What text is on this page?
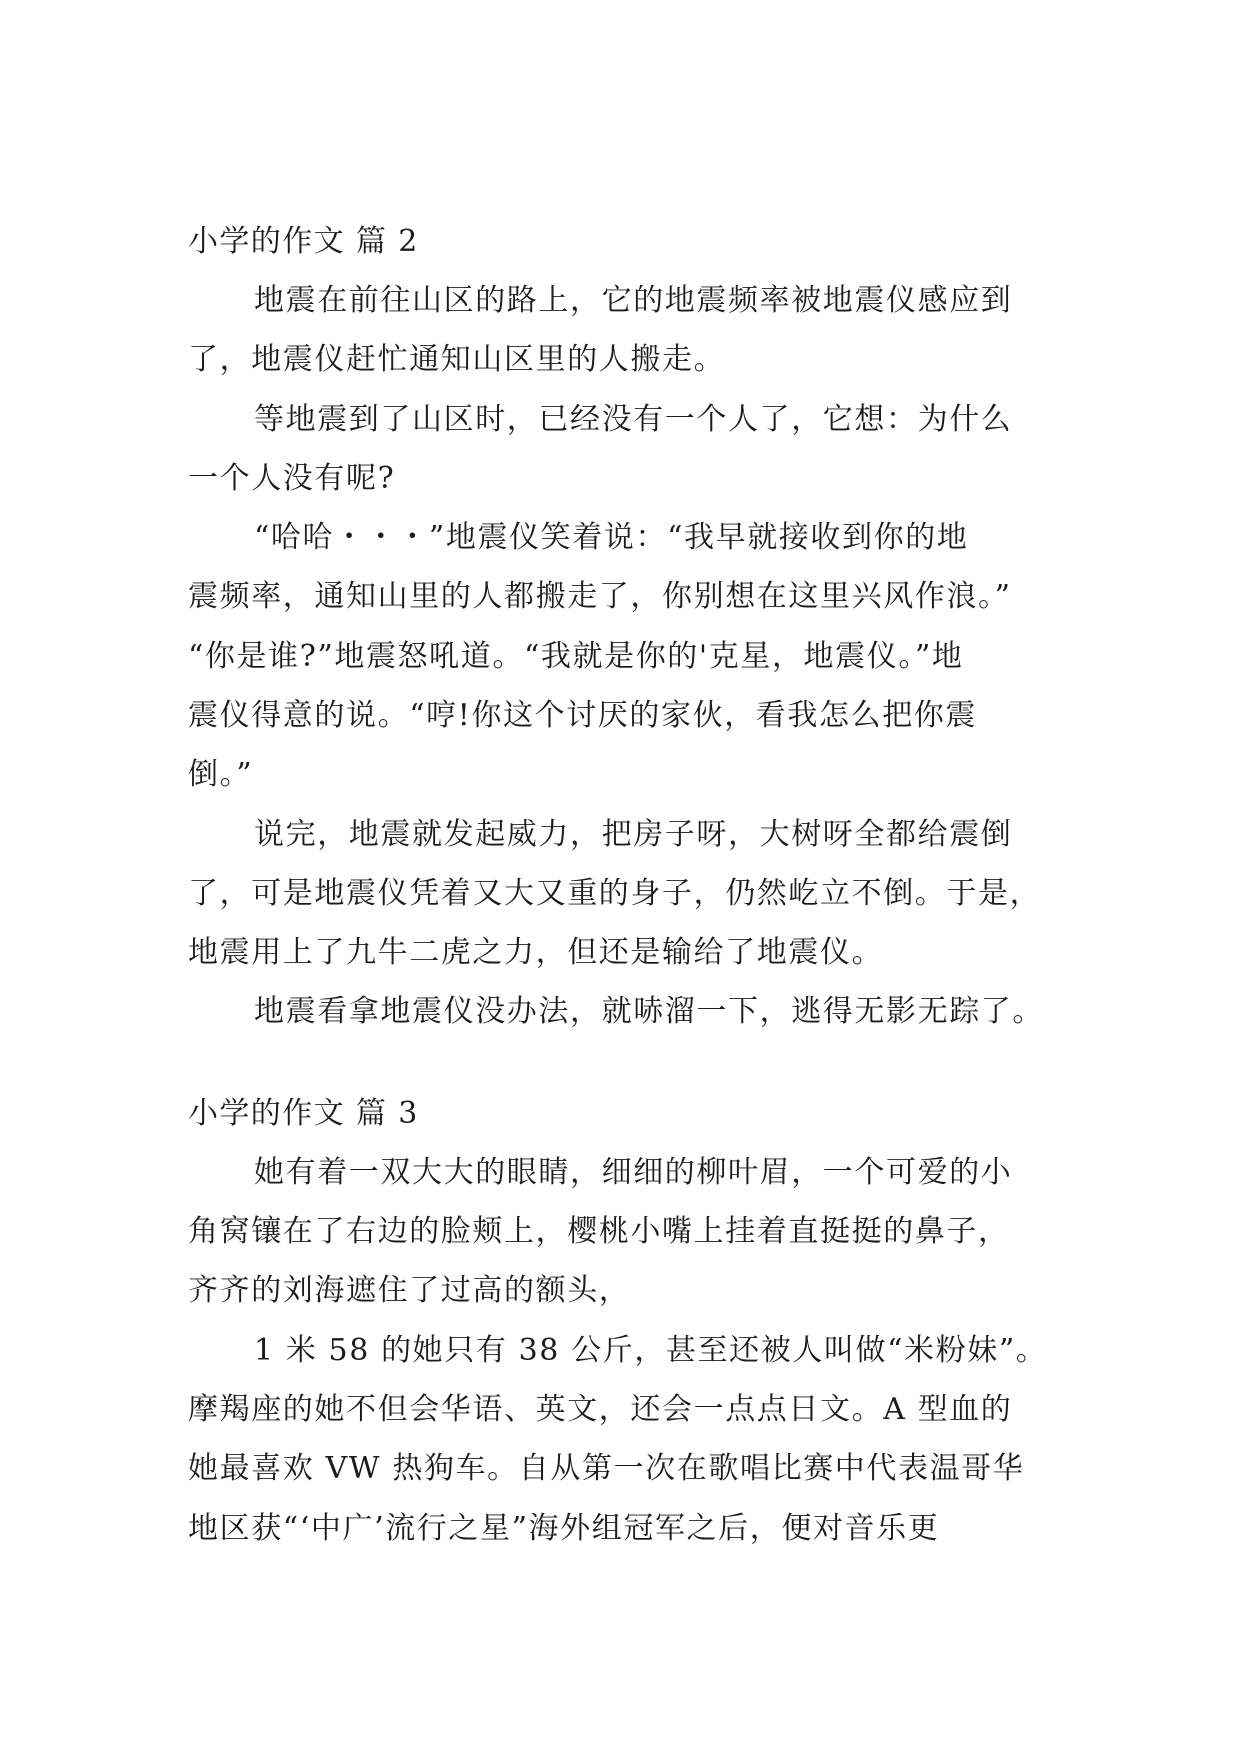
小学的作文 篇 2
地震在前往山区的路上，它的地震频率被地震仪感应到
了，地震仪赶忙通知山区里的人搬走。
等地震到了山区时，已经没有一个人了，它想：为什么
一个人没有呢?
“哈哈・・・”地震仪笑着说：“我早就接收到你的地
震频率，通知山里的人都搬走了，你别想在这里兴风作浪。”
“你是谁?”地震怒吼道。“我就是你的'克星，地震仪。”地
震仪得意的说。“哼!你这个讨厌的家伙，看我怎么把你震
倒。”
说完，地震就发起威力，把房子呀，大树呀全都给震倒
了，可是地震仪凭着又大又重的身子，仍然屹立不倒。于是，
地震用上了九牛二虎之力，但还是输给了地震仪。
地震看拿地震仪没办法，就哧溜一下，逃得无影无踪了。
小学的作文 篇 3
她有着一双大大的眼睛，细细的柳叶眉，一个可爱的小
角窝镶在了右边的脸颊上，樱桃小嘴上挂着直挺挺的鼻子，
齐齐的刘海遮住了过高的额头，
1 米 58 的她只有 38 公斤，甚至还被人叫做“米粉妹”。
摩羯座的她不但会华语、英文，还会一点点日文。A 型血的
她最喜欢 VW 热狗车。自从第一次在歌唱比赛中代表温哥华
地区获“‘中广’流行之星”海外组冠军之后，便对音乐更
